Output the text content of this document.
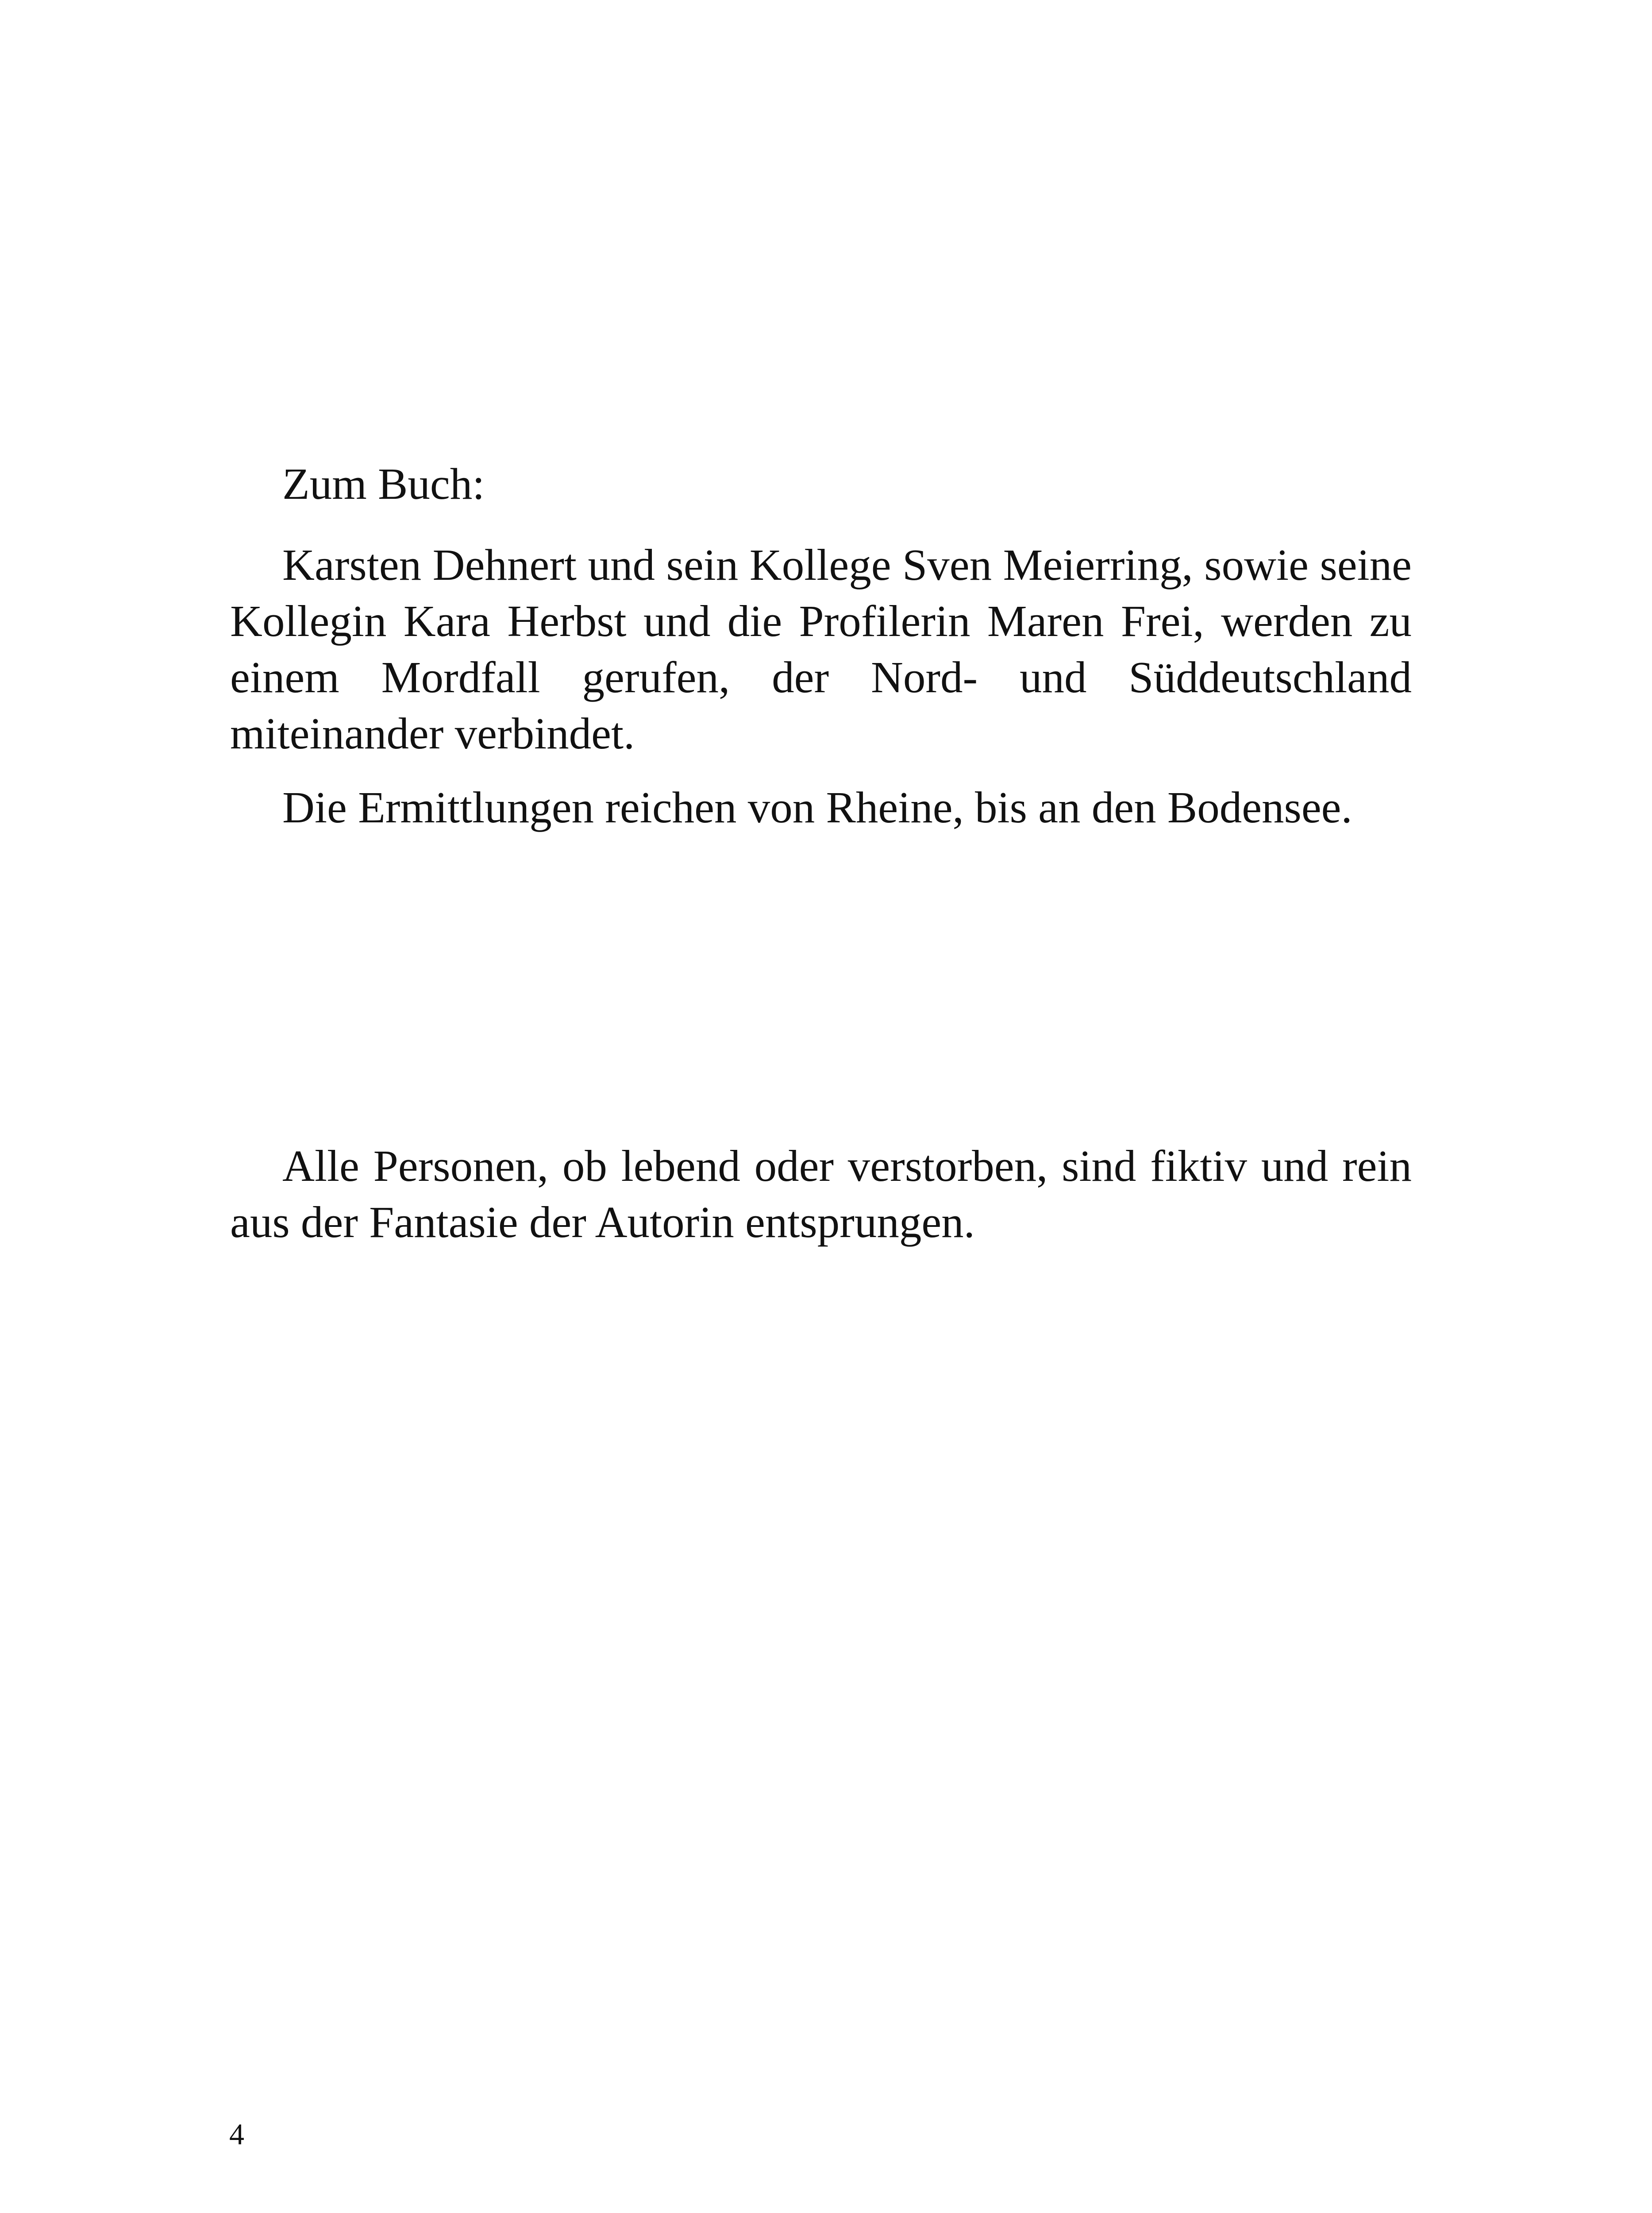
Zum Buch:

Karsten Dehnert und sein Kollege Sven Meierring, sowie seine Kollegin Kara Herbst und die Profilerin Maren Frei, werden zu einem Mordfall gerufen, der Nord- und Süddeutschland miteinander verbindet.

Die Ermittlungen reichen von Rheine, bis an den Bodensee.

Alle Personen, ob lebend oder verstorben, sind fiktiv und rein aus der Fantasie der Autorin entsprungen.

4
